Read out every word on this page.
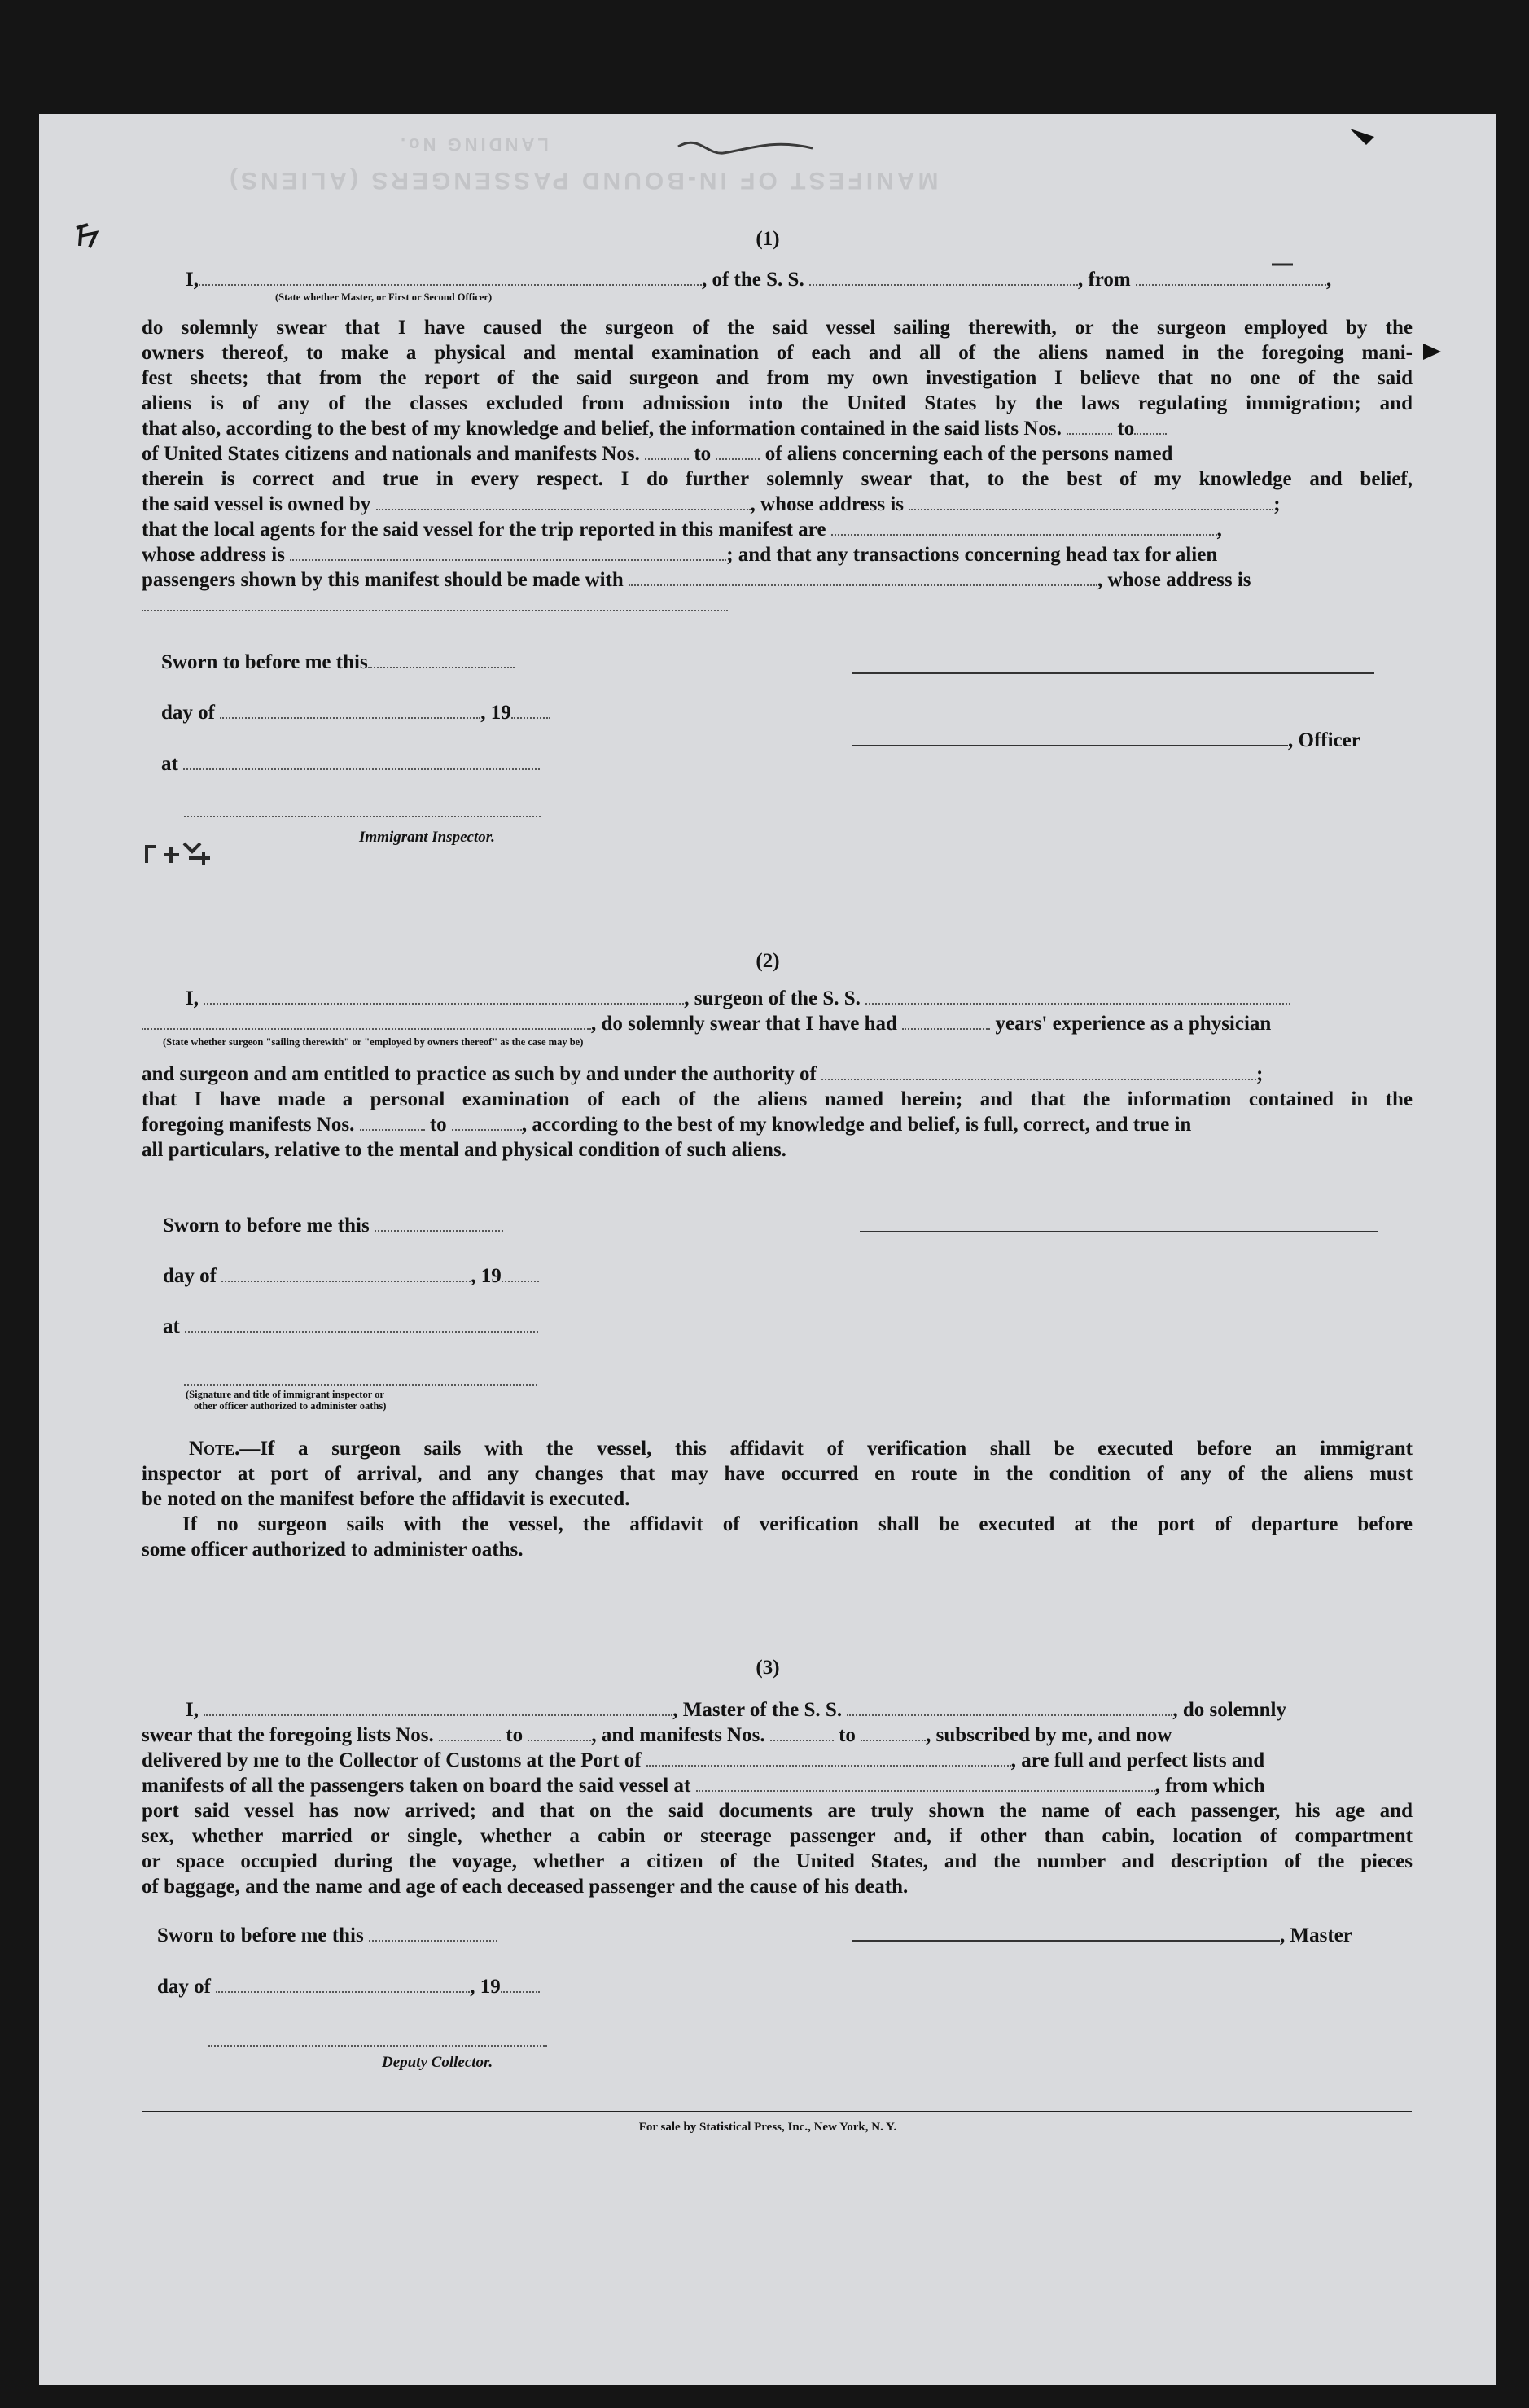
MANIFEST OF IN-BOUND PASSENGERS (ALIENS)
LANDING No.
(1)
I,	, of the S. S.	, from	,
(State whether Master, or First or Second Officer)
do solemnly swear that I have caused the surgeon of the said vessel sailing therewith, or the surgeon employed by the
owners thereof, to make a physical and mental examination of each and all of the aliens named in the foregoing mani-
fest sheets; that from the report of the said surgeon and from my own investigation I believe that no one of the said
aliens is of any of the classes excluded from admission into the United States by the laws regulating immigration; and
that also, according to the best of my knowledge and belief, the information contained in the said lists Nos.	to
of United States citizens and nationals and manifests Nos.	to	of aliens concerning each of the persons named
therein is correct and true in every respect. I do further solemnly swear that, to the best of my knowledge and belief,
the said vessel is owned by	, whose address is	;
that the local agents for the said vessel for the trip reported in this manifest are	,
whose address is	; and that any transactions concerning head tax for alien
passengers shown by this manifest should be made with	, whose address is
Sworn to before me this
day of	, 19
, Officer
at
Immigrant Inspector.
(2)
I,	, surgeon of the S. S.
, do solemnly swear that I have had	years' experience as a physician
(State whether surgeon "sailing therewith" or "employed by owners thereof" as the case may be)
and surgeon and am entitled to practice as such by and under the authority of	;
that I have made a personal examination of each of the aliens named herein; and that the information contained in the
foregoing manifests Nos.	to	, according to the best of my knowledge and belief, is full, correct, and true in
all particulars, relative to the mental and physical condition of such aliens.
Sworn to before me this
day of	, 19
at
(Signature and title of immigrant inspector or
other officer authorized to administer oaths)
Note.—If a surgeon sails with the vessel, this affidavit of verification shall be executed before an immigrant
inspector at port of arrival, and any changes that may have occurred en route in the condition of any of the aliens must
be noted on the manifest before the affidavit is executed.
If no surgeon sails with the vessel, the affidavit of verification shall be executed at the port of departure before
some officer authorized to administer oaths.
(3)
I,	, Master of the S. S.	, do solemnly
swear that the foregoing lists Nos.	to	, and manifests Nos.	to	, subscribed by me, and now
delivered by me to the Collector of Customs at the Port of	, are full and perfect lists and
manifests of all the passengers taken on board the said vessel at	, from which
port said vessel has now arrived; and that on the said documents are truly shown the name of each passenger, his age and
sex, whether married or single, whether a cabin or steerage passenger and, if other than cabin, location of compartment
or space occupied during the voyage, whether a citizen of the United States, and the number and description of the pieces
of baggage, and the name and age of each deceased passenger and the cause of his death.
Sworn to before me this	, Master
day of	, 19
Deputy Collector.
For sale by Statistical Press, Inc., New York, N. Y.
